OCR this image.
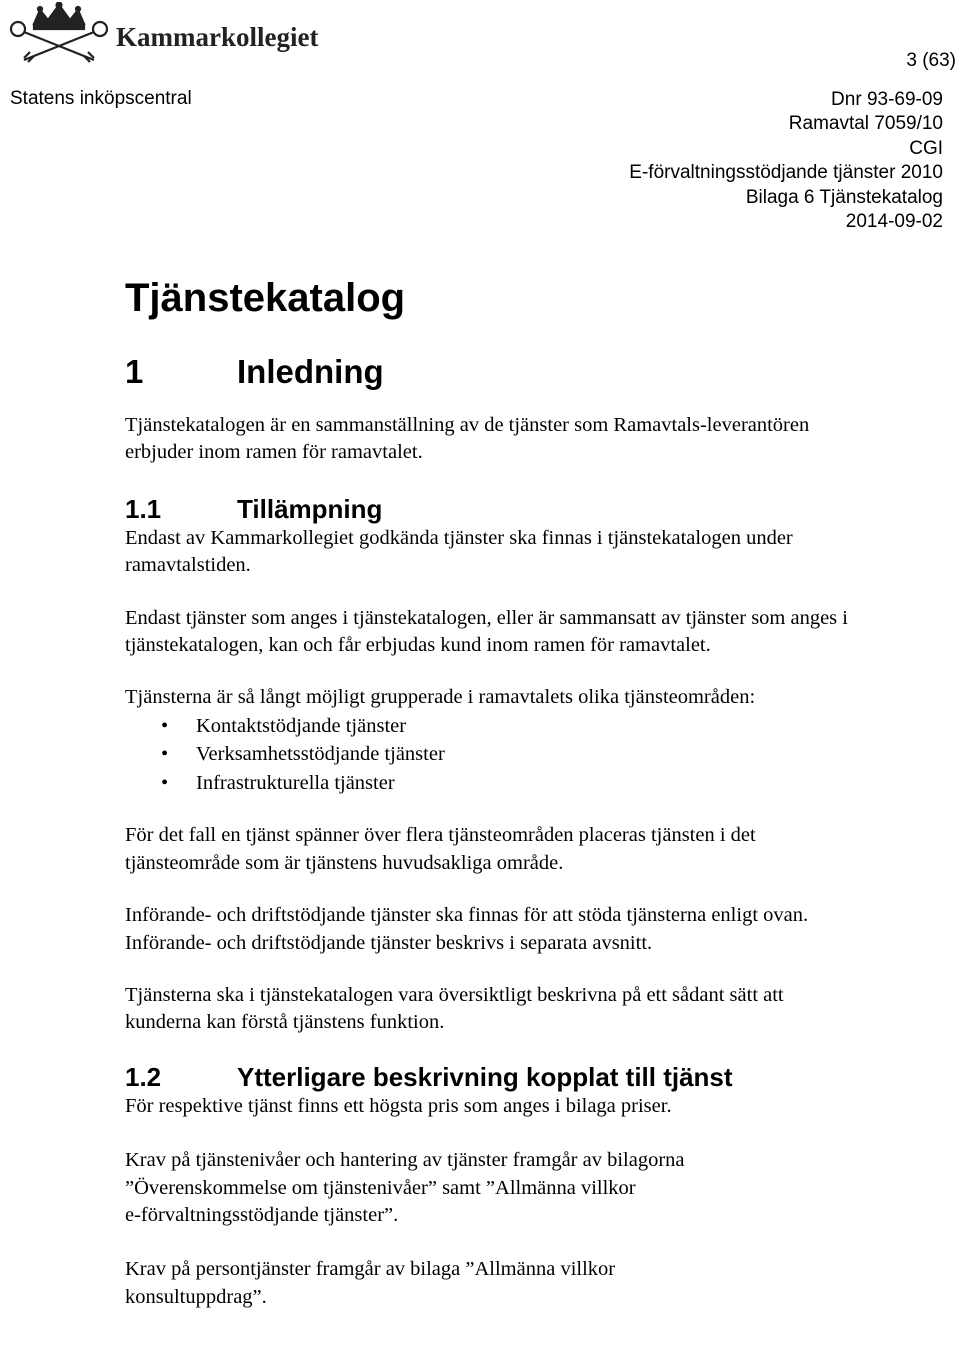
Kammarkollegiet
3 (63)
Statens inköpscentral	Dnr 93-69-09
Ramavtal 7059/10
CGI
E-förvaltningsstödjande tjänster 2010
Bilaga 6 Tjänstekatalog
2014-09-02
Tjänstekatalog
1	Inledning

Tjänstekatalogen är en sammanställning av de tjänster som Ramavtals-leverantören erbjuder inom ramen för ramavtalet.

1.1	Tillämpning

Endast av Kammarkollegiet godkända tjänster ska finnas i tjänstekatalogen under ramavtalstiden.

Endast tjänster som anges i tjänstekatalogen, eller är sammansatt av tjänster som anges i tjänstekatalogen, kan och får erbjudas kund inom ramen för ramavtalet.

Tjänsterna är så långt möjligt grupperade i ramavtalets olika tjänsteområden:

• Kontaktstödjande tjänster
• Verksamhetsstödjande tjänster
• Infrastrukturella tjänster

För det fall en tjänst spänner över flera tjänsteområden placeras tjänsten i det tjänsteområde som är tjänstens huvudsakliga område.

Införande- och driftstödjande tjänster ska finnas för att stöda tjänsterna enligt ovan. Införande- och driftstödjande tjänster beskrivs i separata avsnitt.

Tjänsterna ska i tjänstekatalogen vara översiktligt beskrivna på ett sådant sätt att kunderna kan förstå tjänstens funktion.

1.2	Ytterligare beskrivning kopplat till tjänst

För respektive tjänst finns ett högsta pris som anges i bilaga priser.

Krav på tjänstenivåer och hantering av tjänster framgår av bilagorna
”Överenskommelse om tjänstenivåer” samt ”Allmänna villkor
e-förvaltningsstödjande tjänster”.

Krav på persontjänster framgår av bilaga ”Allmänna villkor
konsultuppdrag”.
